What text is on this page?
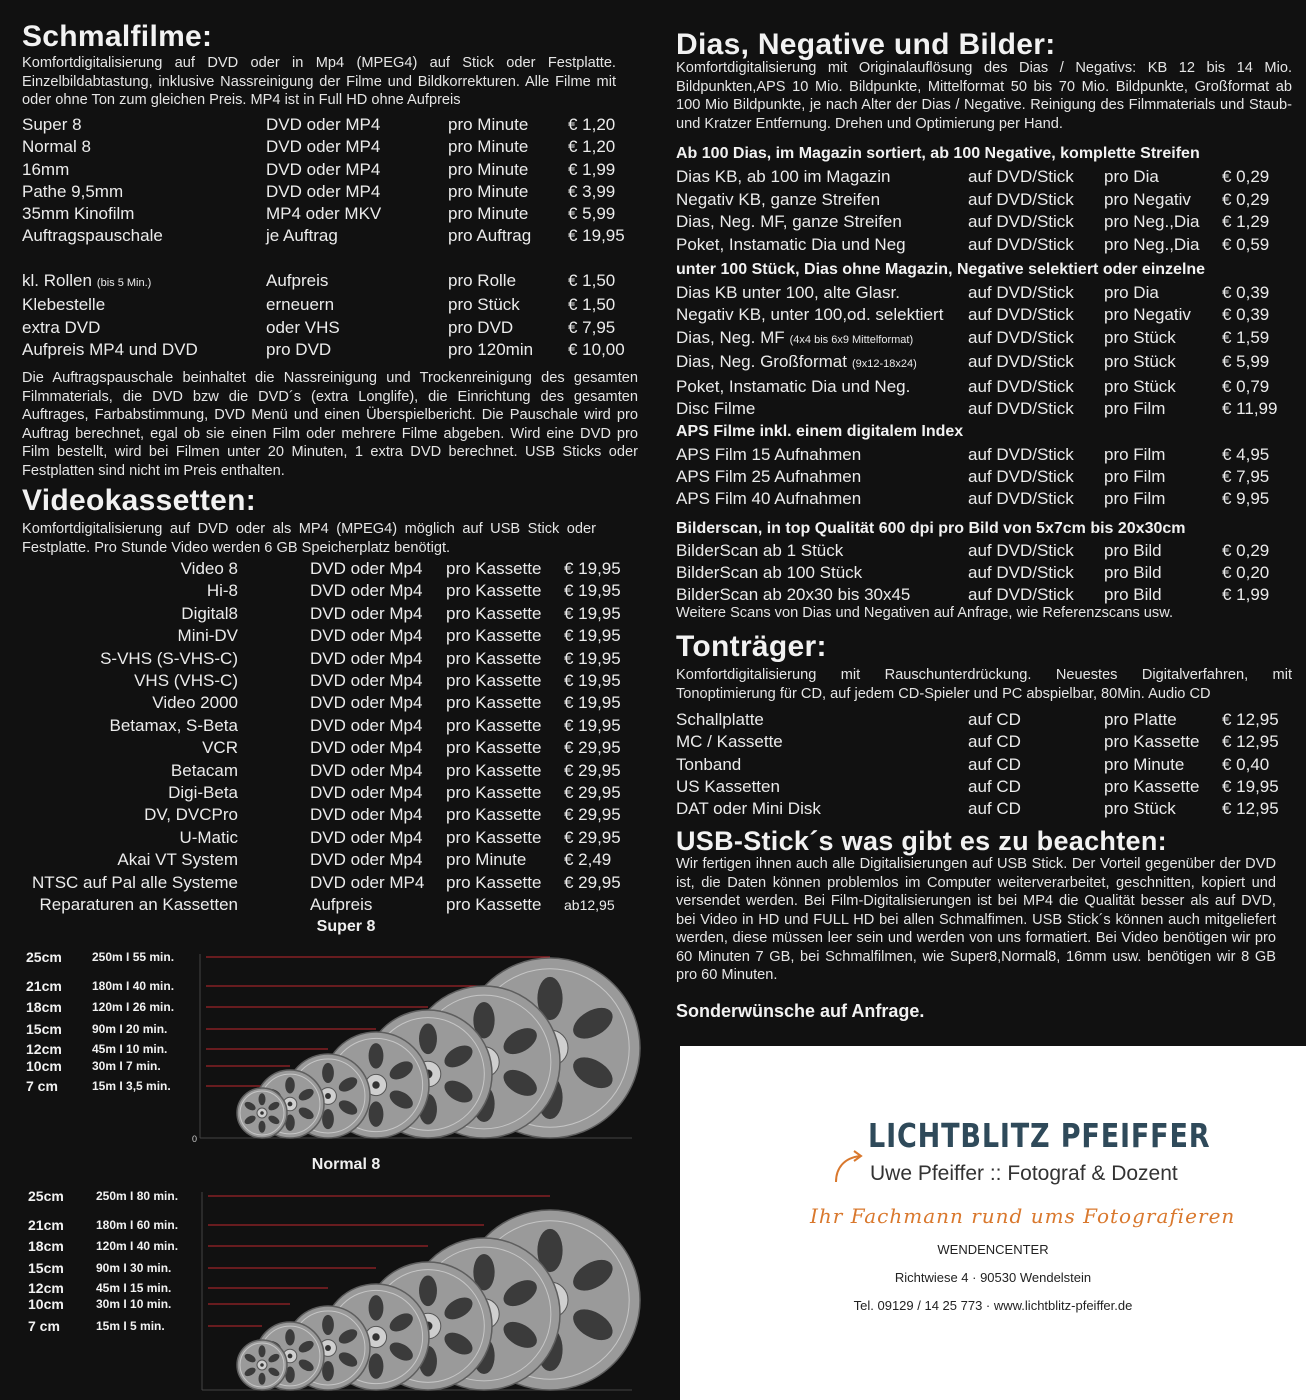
Schmalfilme:
Komfortdigitalisierung auf DVD oder in Mp4 (MPEG4) auf Stick oder Festplatte. Einzelbildabtastung, inklusive Nassreinigung der Filme und Bildkorrekturen. Alle Filme mit oder ohne Ton zum gleichen Preis. MP4 ist in Full HD ohne Aufpreis
Super 8	DVD oder MP4	pro Minute	€ 1,20
Normal 8	DVD oder MP4	pro Minute	€ 1,20
16mm	DVD oder MP4	pro Minute	€ 1,99
Pathe 9,5mm	DVD oder MP4	pro Minute	€ 3,99
35mm Kinofilm	MP4 oder MKV	pro Minute	€ 5,99
Auftragspauschale	je Auftrag	pro Auftrag	€ 19,95
kl. Rollen (bis 5 Min.)	Aufpreis	pro Rolle	€ 1,50
Klebestelle	erneuern	pro Stück	€ 1,50
extra DVD	oder VHS	pro DVD	€ 7,95
Aufpreis MP4 und DVD	pro DVD	pro 120min	€ 10,00
Die Auftragspauschale beinhaltet die Nassreinigung und Trockenreinigung des gesamten Filmmaterials, die DVD bzw die DVD´s (extra Longlife), die Einrichtung des gesamten Auftrages, Farbabstimmung, DVD Menü und einen Überspielbericht. Die Pauschale wird pro Auftrag berechnet, egal ob sie einen Film oder mehrere Filme abgeben. Wird eine DVD pro Film bestellt, wird bei Filmen unter 20 Minuten, 1 extra DVD berechnet. USB Sticks oder Festplatten sind nicht im Preis enthalten.
Videokassetten:
Komfortdigitalisierung auf DVD oder als MP4 (MPEG4) möglich auf USB Stick oder Festplatte. Pro Stunde Video werden 6 GB Speicherplatz benötigt.
Video 8	DVD oder Mp4	pro Kassette	€ 19,95
Hi-8	DVD oder Mp4	pro Kassette	€ 19,95
Digital8	DVD oder Mp4	pro Kassette	€ 19,95
Mini-DV	DVD oder Mp4	pro Kassette	€ 19,95
S-VHS (S-VHS-C)	DVD oder Mp4	pro Kassette	€ 19,95
VHS (VHS-C)	DVD oder Mp4	pro Kassette	€ 19,95
Video 2000	DVD oder Mp4	pro Kassette	€ 19,95
Betamax, S-Beta	DVD oder Mp4	pro Kassette	€ 19,95
VCR	DVD oder Mp4	pro Kassette	€ 29,95
Betacam	DVD oder Mp4	pro Kassette	€ 29,95
Digi-Beta	DVD oder Mp4	pro Kassette	€ 29,95
DV, DVCPro	DVD oder Mp4	pro Kassette	€ 29,95
U-Matic	DVD oder Mp4	pro Kassette	€ 29,95
Akai VT System	DVD oder Mp4	pro Minute	€ 2,49
NTSC auf Pal alle Systeme	DVD oder MP4	pro Kassette	€ 29,95
Reparaturen an Kassetten	Aufpreis	pro Kassette	ab12,95
Super 8
25cm	250m I 55 min.
21cm	180m I 40 min.
18cm	120m I 26 min.
15cm	90m I 20 min.
12cm	45m I 10 min.
10cm	30m I 7 min.
7 cm	15m I 3,5 min.
0
Normal 8
25cm	250m I 80 min.
21cm	180m I 60 min.
18cm	120m I 40 min.
15cm	90m I 30 min.
12cm	45m I 15 min.
10cm	30m I 10 min.
7 cm	15m I 5 min.
Dias, Negative und Bilder:
Komfortdigitalisierung mit Originalauflösung des Dias / Negativs: KB 12 bis 14 Mio. Bildpunkten,APS 10 Mio. Bildpunkte, Mittelformat 50 bis 70 Mio. Bildpunkte, Großformat ab 100 Mio Bildpunkte, je nach Alter der Dias / Negative. Reinigung des Filmmaterials und Staub- und Kratzer Entfernung. Drehen und Optimierung per Hand.
Ab 100 Dias, im Magazin sortiert, ab 100 Negative, komplette Streifen
Dias KB, ab 100 im Magazin	auf DVD/Stick	pro Dia	€ 0,29
Negativ KB, ganze Streifen	auf DVD/Stick	pro Negativ	€ 0,29
Dias, Neg. MF, ganze Streifen	auf DVD/Stick	pro Neg.,Dia	€ 1,29
Poket, Instamatic Dia und Neg	auf DVD/Stick	pro Neg.,Dia	€ 0,59
unter 100 Stück, Dias ohne Magazin, Negative selektiert oder einzelne
Dias KB unter 100, alte Glasr.	auf DVD/Stick	pro Dia	€ 0,39
Negativ KB, unter 100,od. selektiert	auf DVD/Stick	pro Negativ	€ 0,39
Dias, Neg. MF (4x4 bis 6x9 Mittelformat)	auf DVD/Stick	pro Stück	€ 1,59
Dias, Neg. Großformat (9x12-18x24)	auf DVD/Stick	pro Stück	€ 5,99
Poket, Instamatic Dia und Neg.	auf DVD/Stick	pro Stück	€ 0,79
Disc Filme	auf DVD/Stick	pro Film	€ 11,99
APS Filme inkl. einem digitalem Index
APS Film 15 Aufnahmen	auf DVD/Stick	pro Film	€ 4,95
APS Film 25 Aufnahmen	auf DVD/Stick	pro Film	€ 7,95
APS Film 40 Aufnahmen	auf DVD/Stick	pro Film	€ 9,95
Bilderscan, in top Qualität 600 dpi pro Bild von 5x7cm bis 20x30cm
BilderScan ab 1 Stück	auf DVD/Stick	pro Bild	€ 0,29
BilderScan ab 100 Stück	auf DVD/Stick	pro Bild	€ 0,20
BilderScan ab 20x30 bis 30x45	auf DVD/Stick	pro Bild	€ 1,99
Weitere Scans von Dias und Negativen auf Anfrage, wie Referenzscans usw.
Tonträger:
Komfortdigitalisierung mit Rauschunterdrückung. Neuestes Digitalverfahren, mit Tonoptimierung für CD, auf jedem CD-Spieler und PC abspielbar, 80Min. Audio CD
Schallplatte	auf CD	pro Platte	€ 12,95
MC / Kassette	auf CD	pro Kassette	€ 12,95
Tonband	auf CD	pro Minute	€ 0,40
US Kassetten	auf CD	pro Kassette	€ 19,95
DAT oder Mini Disk	auf CD	pro Stück	€ 12,95
USB-Stick´s was gibt es zu beachten:
Wir fertigen ihnen auch alle Digitalisierungen auf USB Stick. Der Vorteil gegenüber der DVD ist, die Daten können problemlos im Computer weiterverarbeitet, geschnitten, kopiert und versendet werden. Bei Film-Digitalisierungen ist bei MP4 die Qualität besser als auf DVD, bei Video in HD und FULL HD bei allen Schmalfimen. USB Stick´s können auch mitgeliefert werden, diese müssen leer sein und werden von uns formatiert. Bei Video benötigen wir pro 60 Minuten 7 GB, bei Schmalfilmen, wie Super8,Normal8, 16mm usw. benötigen wir 8 GB pro 60 Minuten.
Sonderwünsche auf Anfrage.
LICHTBLITZ PFEIFFER
Uwe Pfeiffer :: Fotograf & Dozent
Ihr Fachmann rund ums Fotografieren
WENDENCENTER
Richtwiese 4 · 90530 Wendelstein
Tel. 09129 / 14 25 773 · www.lichtblitz-pfeiffer.de
